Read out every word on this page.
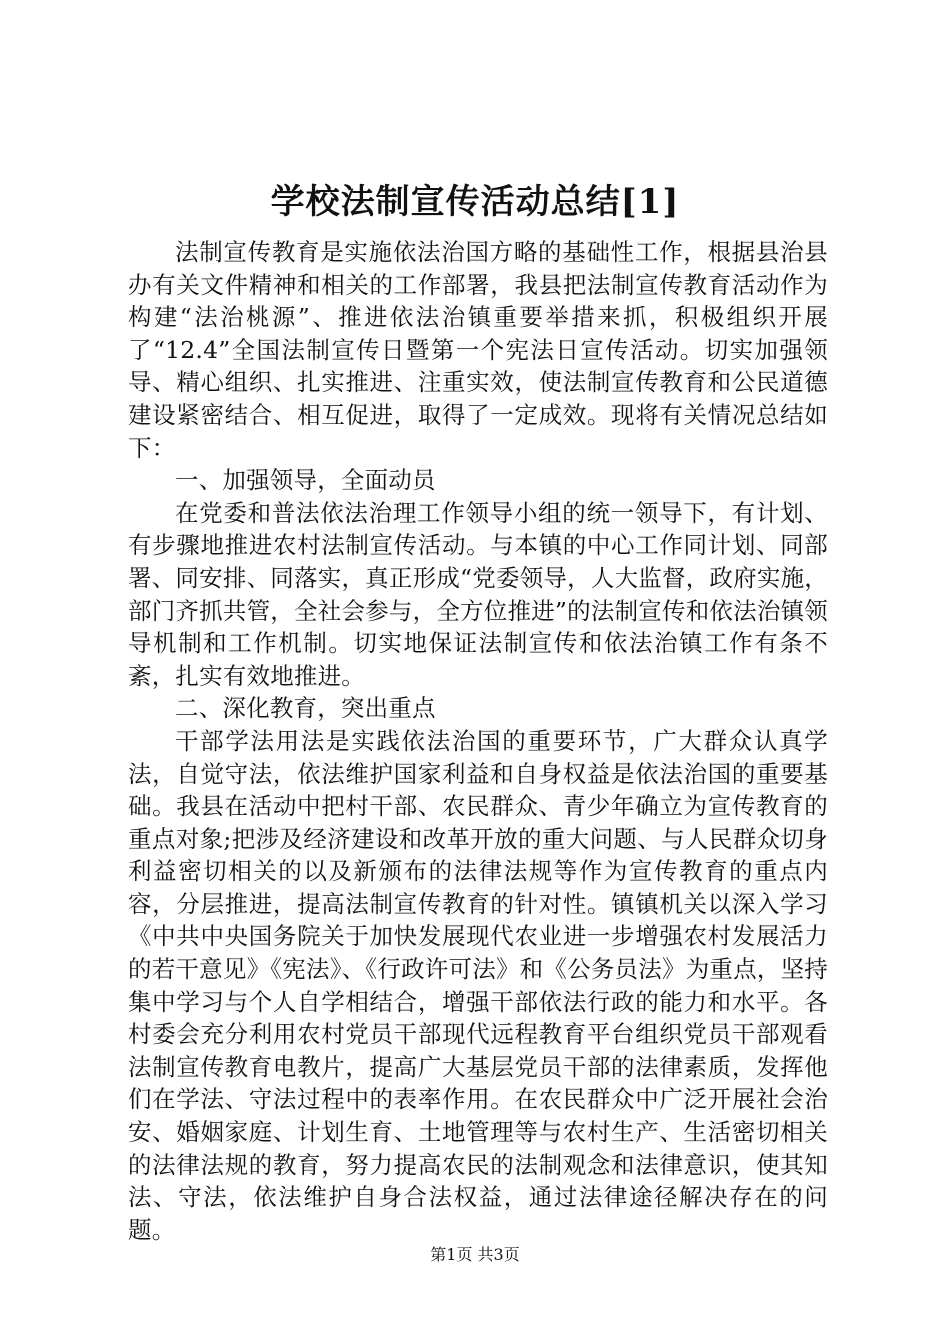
学校法制宣传活动总结[1]

法制宣传教育是实施依法治国方略的基础性工作，根据县治县办有关文件精神和相关的工作部署，我县把法制宣传教育活动作为构建“法治桃源”、推进依法治镇重要举措来抓，积极组织开展了“12.4”全国法制宣传日暨第一个宪法日宣传活动。切实加强领导、精心组织、扎实推进、注重实效，使法制宣传教育和公民道德建设紧密结合、相互促进，取得了一定成效。现将有关情况总结如下：

一、加强领导，全面动员

在党委和普法依法治理工作领导小组的统一领导下，有计划、有步骤地推进农村法制宣传活动。与本镇的中心工作同计划、同部署、同安排、同落实，真正形成“党委领导，人大监督，政府实施，部门齐抓共管，全社会参与，全方位推进”的法制宣传和依法治镇领导机制和工作机制。切实地保证法制宣传和依法治镇工作有条不紊，扎实有效地推进。

二、深化教育，突出重点

干部学法用法是实践依法治国的重要环节，广大群众认真学法，自觉守法，依法维护国家利益和自身权益是依法治国的重要基础。我县在活动中把村干部、农民群众、青少年确立为宣传教育的重点对象;把涉及经济建设和改革开放的重大问题、与人民群众切身利益密切相关的以及新颁布的法律法规等作为宣传教育的重点内容，分层推进，提高法制宣传教育的针对性。镇镇机关以深入学习《中共中央国务院关于加快发展现代农业进一步增强农村发展活力的若干意见》《宪法》、《行政许可法》和《公务员法》为重点，坚持集中学习与个人自学相结合，增强干部依法行政的能力和水平。各村委会充分利用农村党员干部现代远程教育平台组织党员干部观看法制宣传教育电教片，提高广大基层党员干部的法律素质，发挥他们在学法、守法过程中的表率作用。在农民群众中广泛开展社会治安、婚姻家庭、计划生育、土地管理等与农村生产、生活密切相关的法律法规的教育，努力提高农民的法制观念和法律意识，使其知法、守法，依法维护自身合法权益，通过法律途径解决存在的问题。

第1页 共3页
